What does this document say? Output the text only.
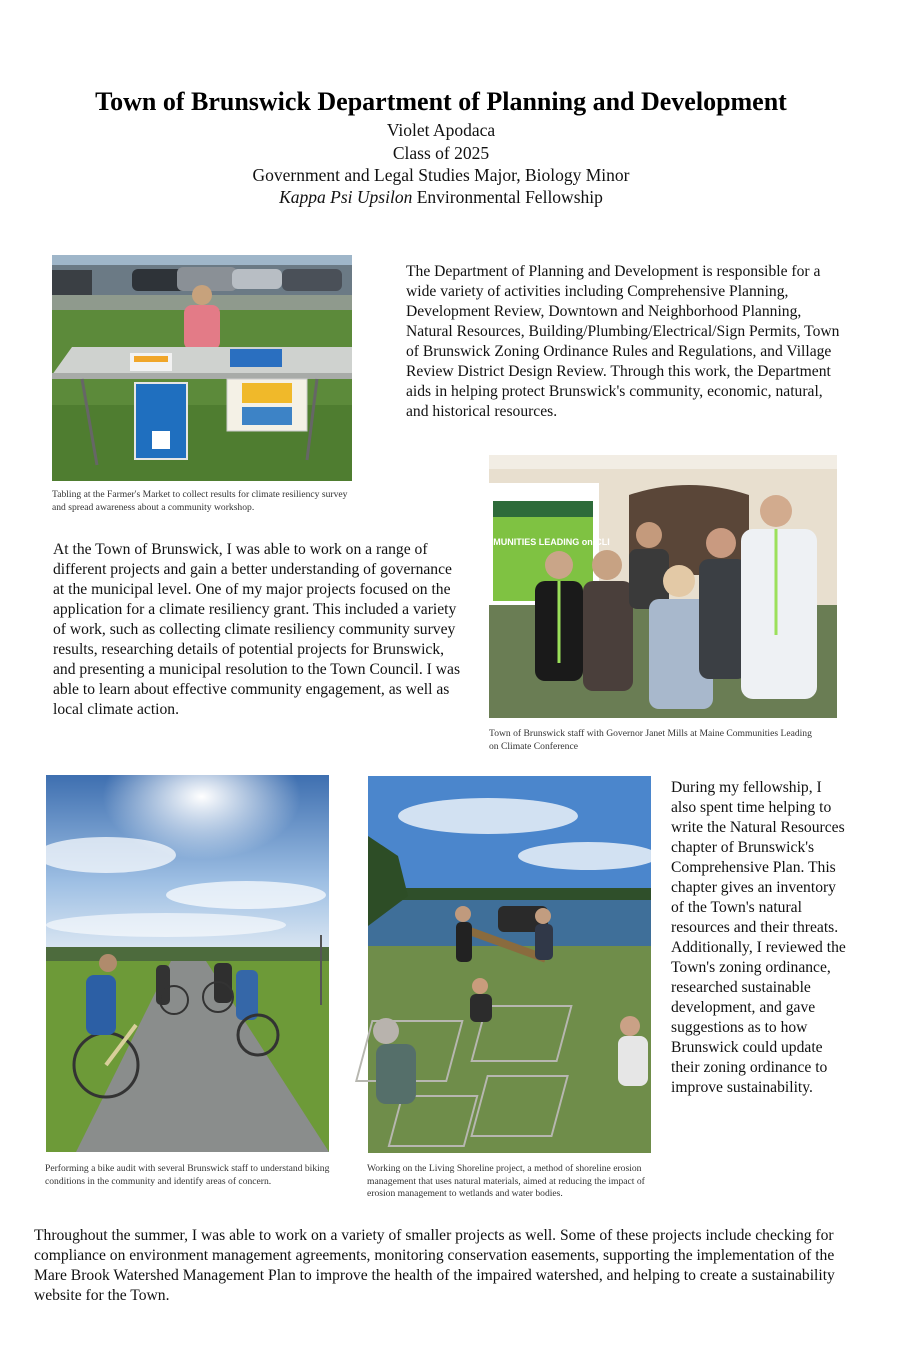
Town of Brunswick Department of Planning and Development
Violet Apodaca
Class of 2025
Government and Legal Studies Major, Biology Minor
Kappa Psi Upsilon Environmental Fellowship
Tabling at the Farmer's Market to collect results for climate resiliency survey and spread awareness about a community workshop.
The Department of Planning and Development is responsible for a wide variety of activities including Comprehensive Planning, Development Review, Downtown and Neighborhood Planning, Natural Resources, Building/Plumbing/Electrical/Sign Permits, Town of Brunswick Zoning Ordinance Rules and Regulations, and Village Review District Design Review. Through this work, the Department aids in helping protect Brunswick's community, economic, natural, and historical resources.
COMMUNITIES LEADING on CLI
Town of Brunswick staff with Governor Janet Mills at Maine Communities Leading on Climate Conference
At the Town of Brunswick, I was able to work on a range of different projects and gain a better understanding of governance at the municipal level. One of my major projects focused on the application for a climate resiliency grant. This included a variety of work, such as collecting climate resiliency community survey results, researching details of potential projects for Brunswick, and presenting a municipal resolution to the Town Council. I was able to learn about effective community engagement, as well as local climate action.
Performing a bike audit with several Brunswick staff to understand biking conditions in the community and identify areas of concern.
Working on the Living Shoreline project, a method of shoreline erosion management that uses natural materials, aimed at reducing the impact of erosion management to wetlands and water bodies.
During my fellowship, I also spent time helping to write the Natural Resources chapter of Brunswick's Comprehensive Plan. This chapter gives an inventory of the Town's natural resources and their threats. Additionally, I reviewed the Town's zoning ordinance, researched sustainable development, and gave suggestions as to how Brunswick could update their zoning ordinance to improve sustainability.
Throughout the summer, I was able to work on a variety of smaller projects as well. Some of these projects include checking for compliance on environment management agreements, monitoring conservation easements, supporting the implementation of the Mare Brook Watershed Management Plan to improve the health of the impaired watershed, and helping to create a sustainability website for the Town.
